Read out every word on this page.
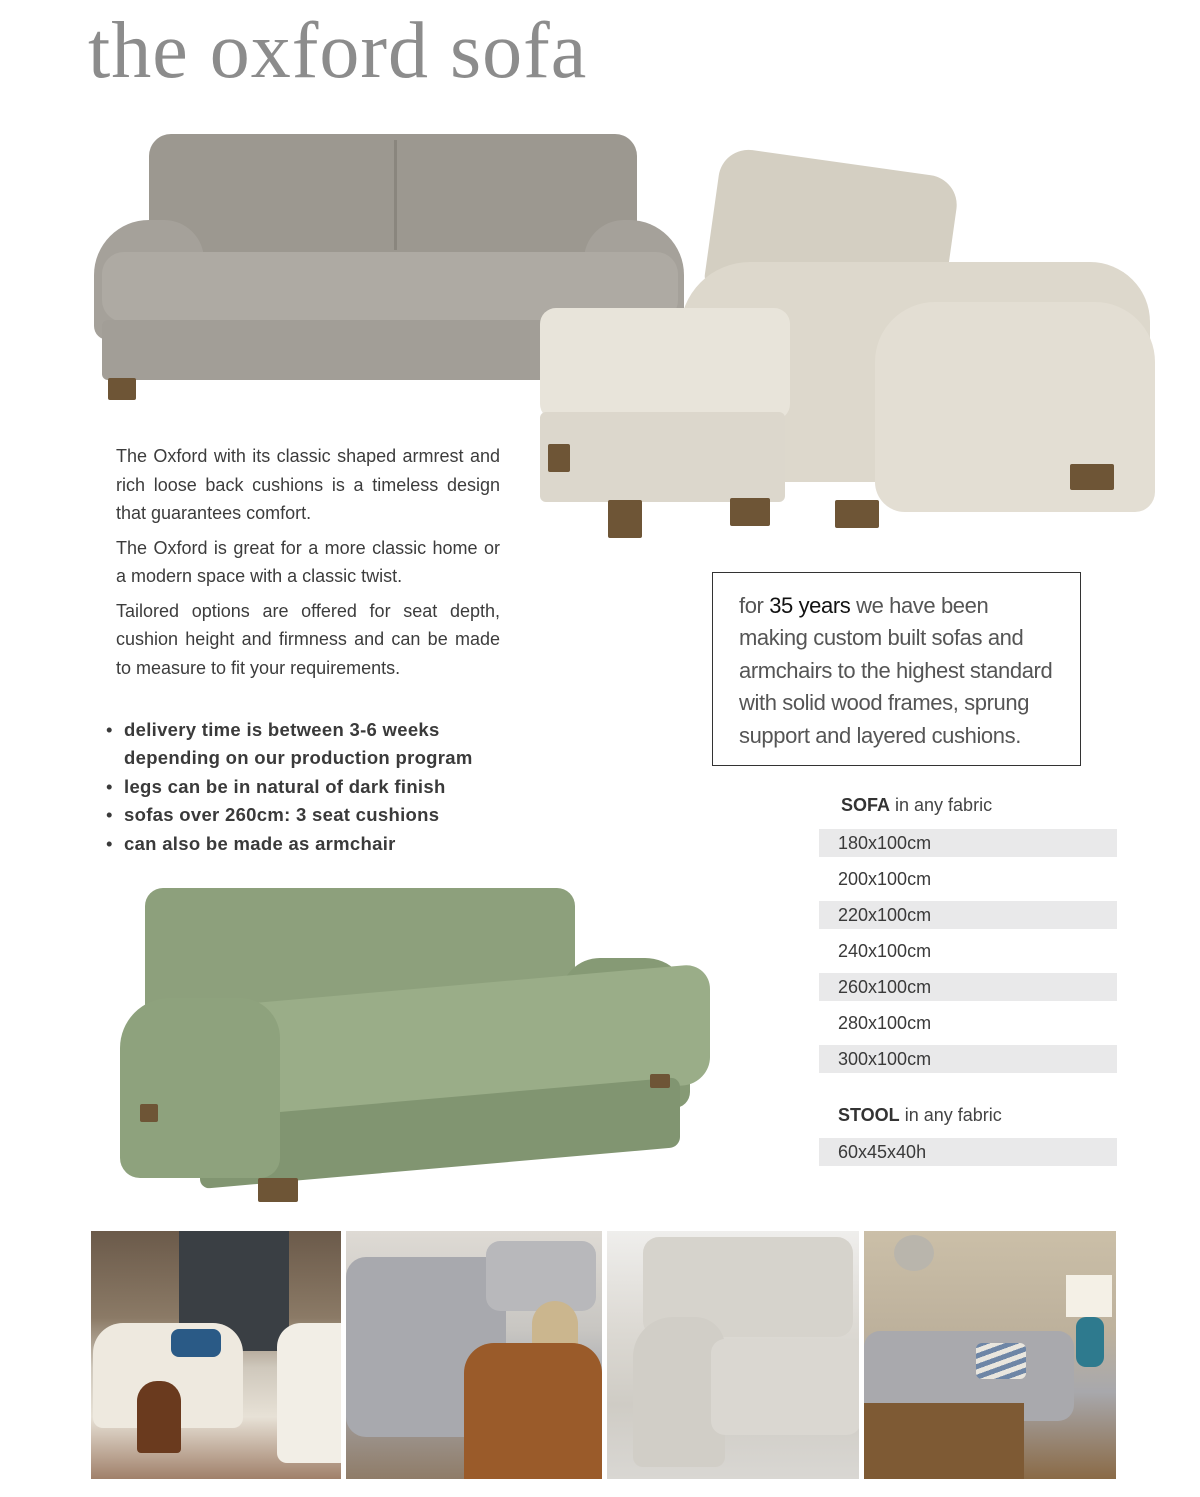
the oxford sofa

The Oxford with its classic shaped armrest and rich loose back cushions is a timeless design that guarantees comfort.

The Oxford is great for a more classic home or a modern space with a classic twist.

Tailored options are offered for seat depth, cushion height and firmness and can be made to measure to fit your requirements.

• delivery time is between 3-6 weeks depending on our production program
• legs can be in natural of dark finish
• sofas over 260cm: 3 seat cushions
• can also be made as armchair
for 35 years we have been making custom built sofas and armchairs to the highest standard with solid wood frames, sprung support and layered cushions.
SOFA in any fabric
180x100cm
200x100cm
220x100cm
240x100cm
260x100cm
280x100cm
300x100cm
STOOL in any fabric
60x45x40h
